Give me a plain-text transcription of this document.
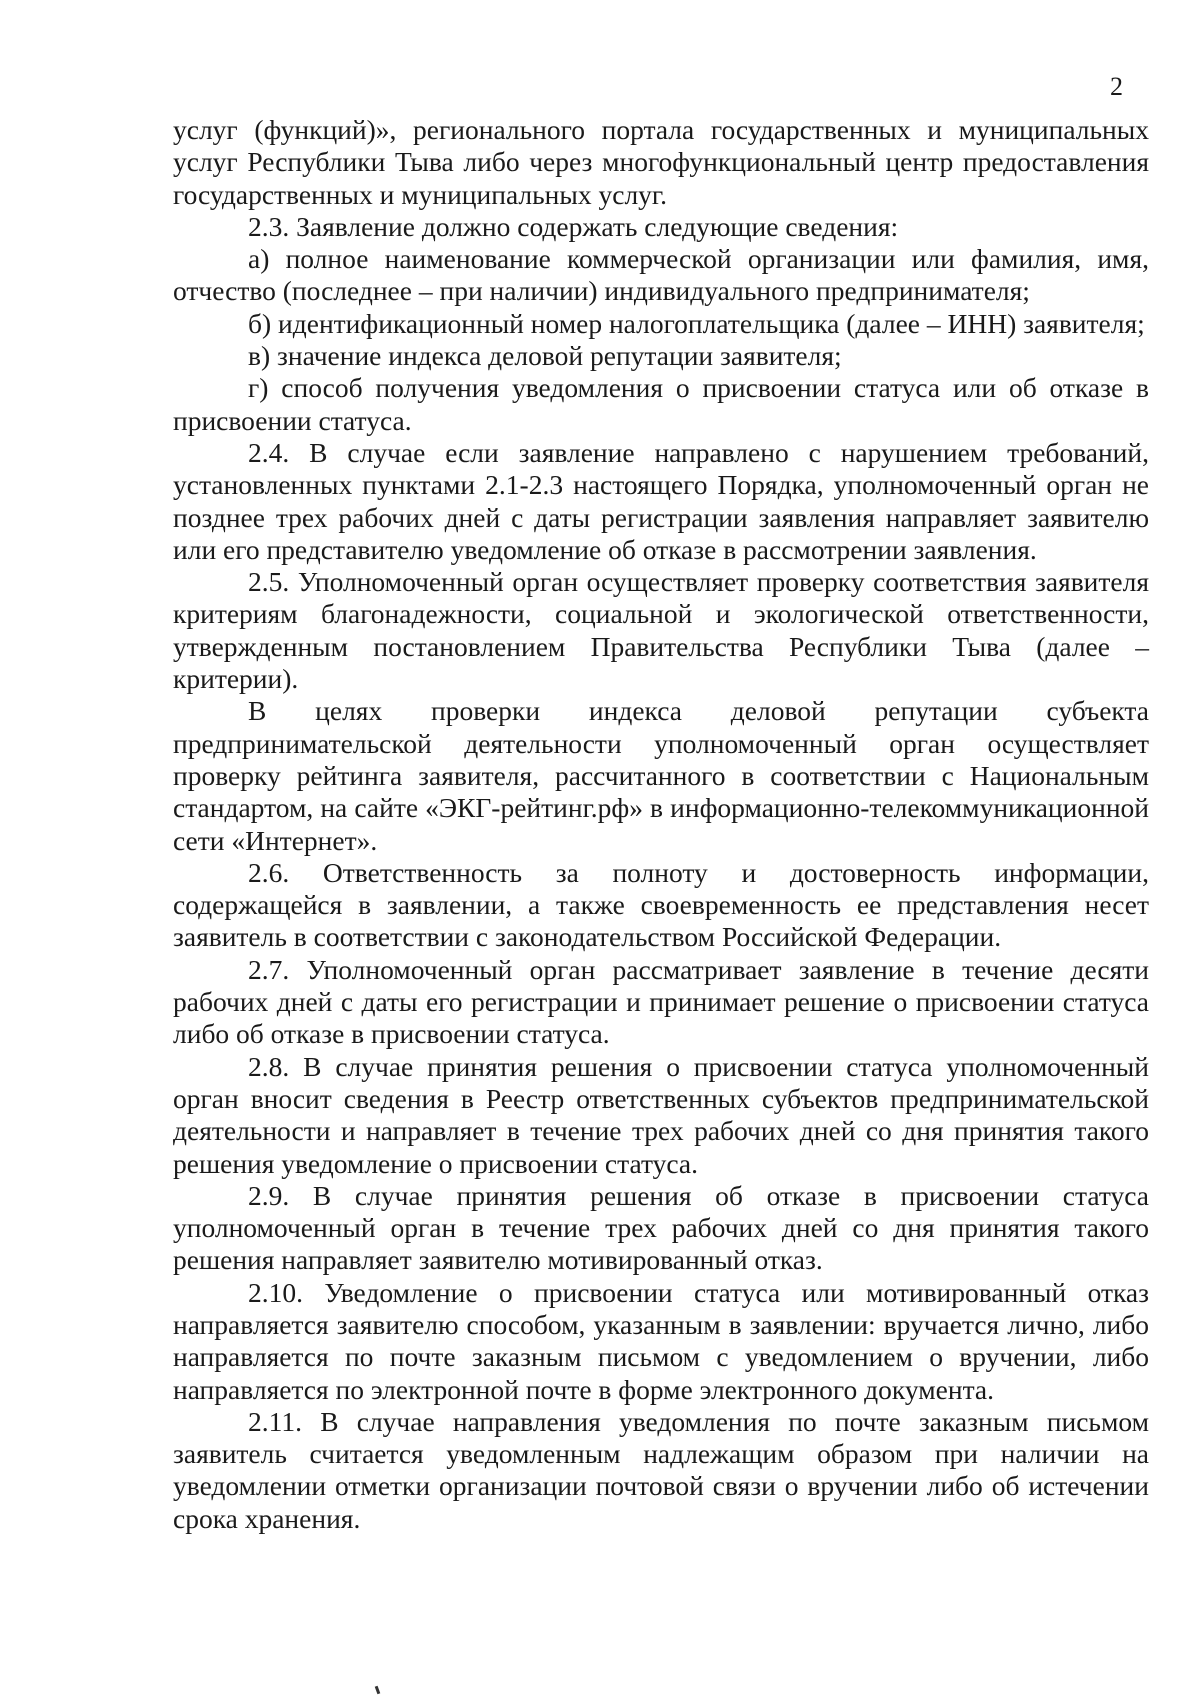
2

услуг (функций)», регионального портала государственных и муниципальных услуг Республики Тыва либо через многофункциональный центр предоставления государственных и муниципальных услуг.

2.3. Заявление должно содержать следующие сведения:

а) полное наименование коммерческой организации или фамилия, имя, отчество (последнее – при наличии) индивидуального предпринимателя;

б) идентификационный номер налогоплательщика (далее – ИНН) заявителя;

в) значение индекса деловой репутации заявителя;

г) способ получения уведомления о присвоении статуса или об отказе в присвоении статуса.

2.4. В случае если заявление направлено с нарушением требований, установленных пунктами 2.1-2.3 настоящего Порядка, уполномоченный орган не позднее трех рабочих дней с даты регистрации заявления направляет заявителю или его представителю уведомление об отказе в рассмотрении заявления.

2.5. Уполномоченный орган осуществляет проверку соответствия заявителя критериям благонадежности, социальной и экологической ответственности, утвержденным постановлением Правительства Республики Тыва (далее – критерии).

В целях проверки индекса деловой репутации субъекта предпринимательской деятельности уполномоченный орган осуществляет проверку рейтинга заявителя, рассчитанного в соответствии с Национальным стандартом, на сайте «ЭКГ-рейтинг.рф» в информационно-телекоммуникационной сети «Интернет».

2.6. Ответственность за полноту и достоверность информации, содержащейся в заявлении, а также своевременность ее представления несет заявитель в соответствии с законодательством Российской Федерации.

2.7. Уполномоченный орган рассматривает заявление в течение десяти рабочих дней с даты его регистрации и принимает решение о присвоении статуса либо об отказе в присвоении статуса.

2.8. В случае принятия решения о присвоении статуса уполномоченный орган вносит сведения в Реестр ответственных субъектов предпринимательской деятельности и направляет в течение трех рабочих дней со дня принятия такого решения уведомление о присвоении статуса.

2.9. В случае принятия решения об отказе в присвоении статуса уполномоченный орган в течение трех рабочих дней со дня принятия такого решения направляет заявителю мотивированный отказ.

2.10. Уведомление о присвоении статуса или мотивированный отказ направляется заявителю способом, указанным в заявлении: вручается лично, либо направляется по почте заказным письмом с уведомлением о вручении, либо направляется по электронной почте в форме электронного документа.

2.11. В случае направления уведомления по почте заказным письмом заявитель считается уведомленным надлежащим образом при наличии на уведомлении отметки организации почтовой связи о вручении либо об истечении срока хранения.
